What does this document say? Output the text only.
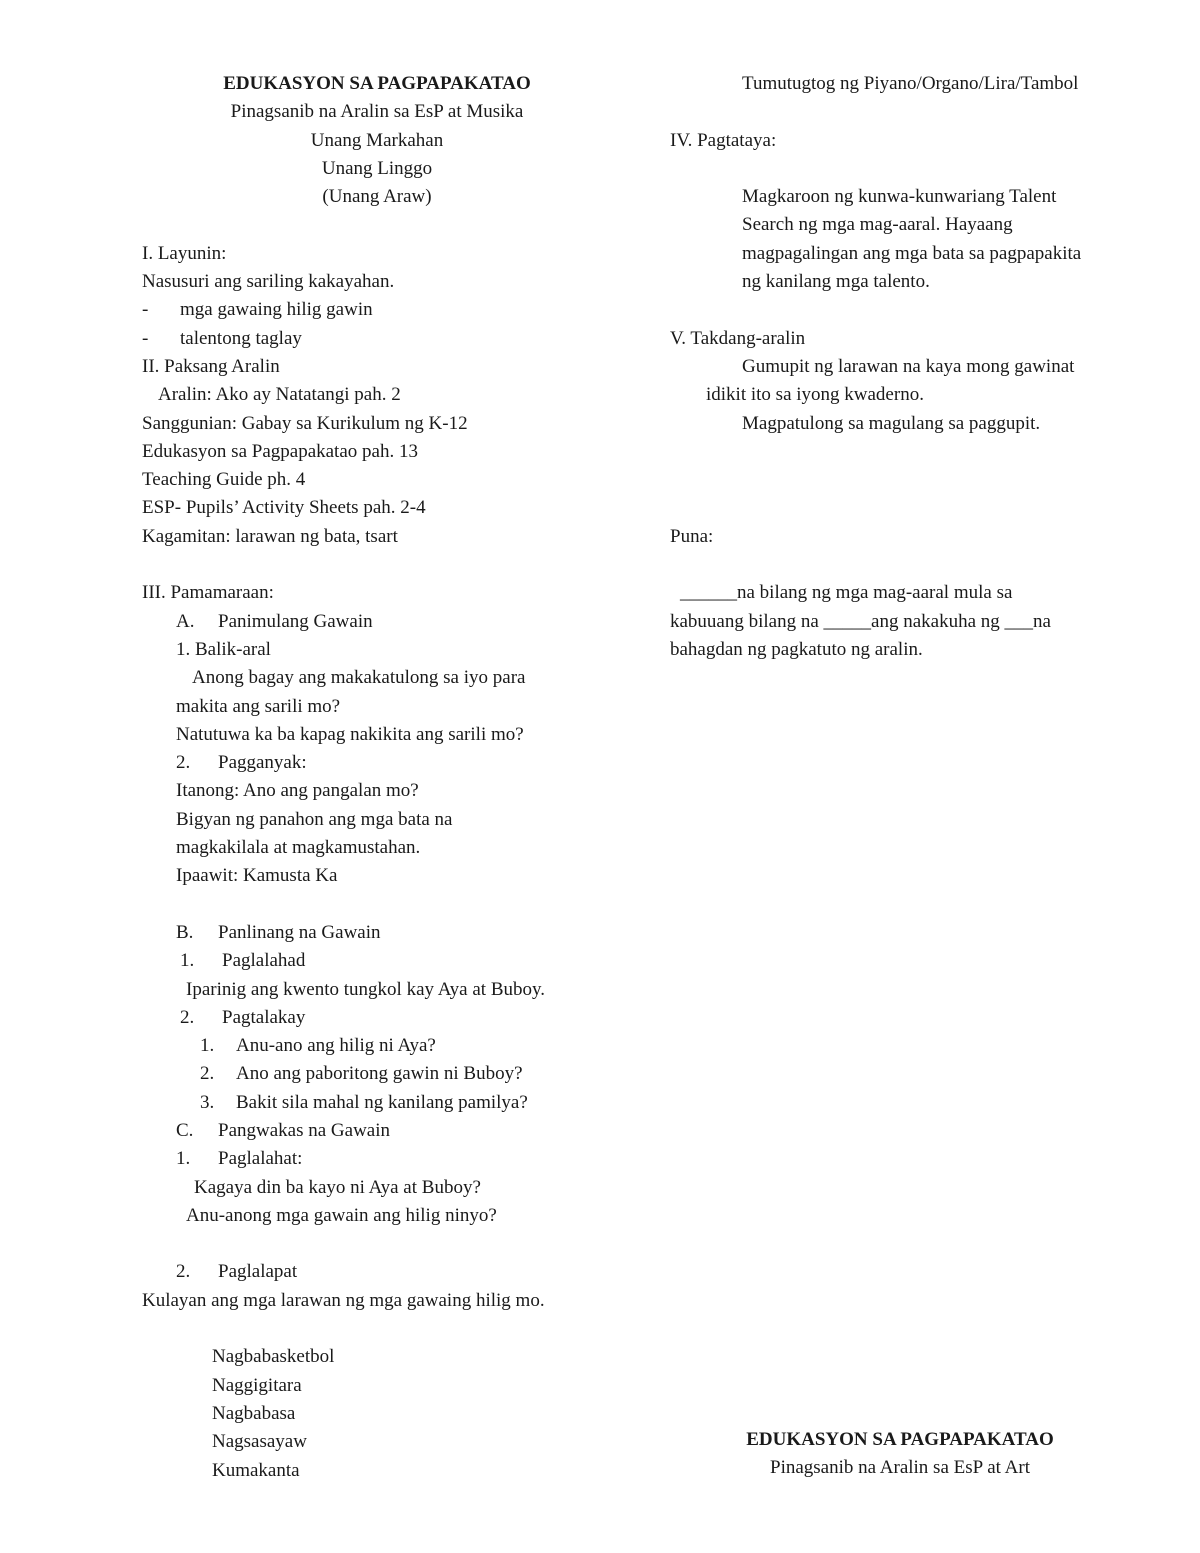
EDUKASYON SA PAGPAPAKATAO
Pinagsanib na Aralin sa EsP at Musika
Unang Markahan
Unang Linggo
(Unang Araw)
I. Layunin:
Nasusuri ang sariling kakayahan.
-	mga gawaing hilig gawin
-	talentong taglay
II. Paksang Aralin
Aralin: Ako ay Natatangi pah. 2
Sanggunian: Gabay sa Kurikulum ng K-12
Edukasyon sa Pagpapakatao pah. 13
Teaching Guide ph. 4
ESP- Pupils’ Activity Sheets pah. 2-4
Kagamitan: larawan ng bata, tsart
III. Pamamaraan:
A. Panimulang Gawain
1. Balik-aral
Anong bagay ang makakatulong sa iyo para
makita ang sarili mo?
Natutuwa ka ba kapag nakikita ang sarili mo?
2. Pagganyak:
Itanong: Ano ang pangalan mo?
Bigyan ng panahon ang mga bata na
magkakilala at magkamustahan.
Ipaawit: Kamusta Ka
B. Panlinang na Gawain
1. Paglalahad
Iparinig ang kwento tungkol kay Aya at Buboy.
2. Pagtalakay
1. Anu-ano ang hilig ni Aya?
2. Ano ang paboritong gawin ni Buboy?
3. Bakit sila mahal ng kanilang pamilya?
C. Pangwakas na Gawain
1. Paglalahat:
Kagaya din ba kayo ni Aya at Buboy?
Anu-anong mga gawain ang hilig ninyo?
2. Paglalapat
Kulayan ang mga larawan ng mga gawaing hilig mo.
Nagbabasketbol
Naggigitara
Nagbabasa
Nagsasayaw
Kumakanta
Tumutugtog ng Piyano/Organo/Lira/Tambol
IV. Pagtataya:
Magkaroon ng kunwa-kunwariang Talent
Search ng mga mag-aaral. Hayaang
magpagalingan ang mga bata sa pagpapakita
ng kanilang mga talento.
V. Takdang-aralin
Gumupit ng larawan na kaya mong gawinat
idikit ito sa iyong kwaderno.
Magpatulong sa magulang sa paggupit.
Puna:
______na bilang ng mga mag-aaral mula sa
kabuuang bilang na _____ang nakakuha ng ___na
bahagdan ng pagkatuto ng aralin.
EDUKASYON SA PAGPAPAKATAO
Pinagsanib na Aralin sa EsP at Art
